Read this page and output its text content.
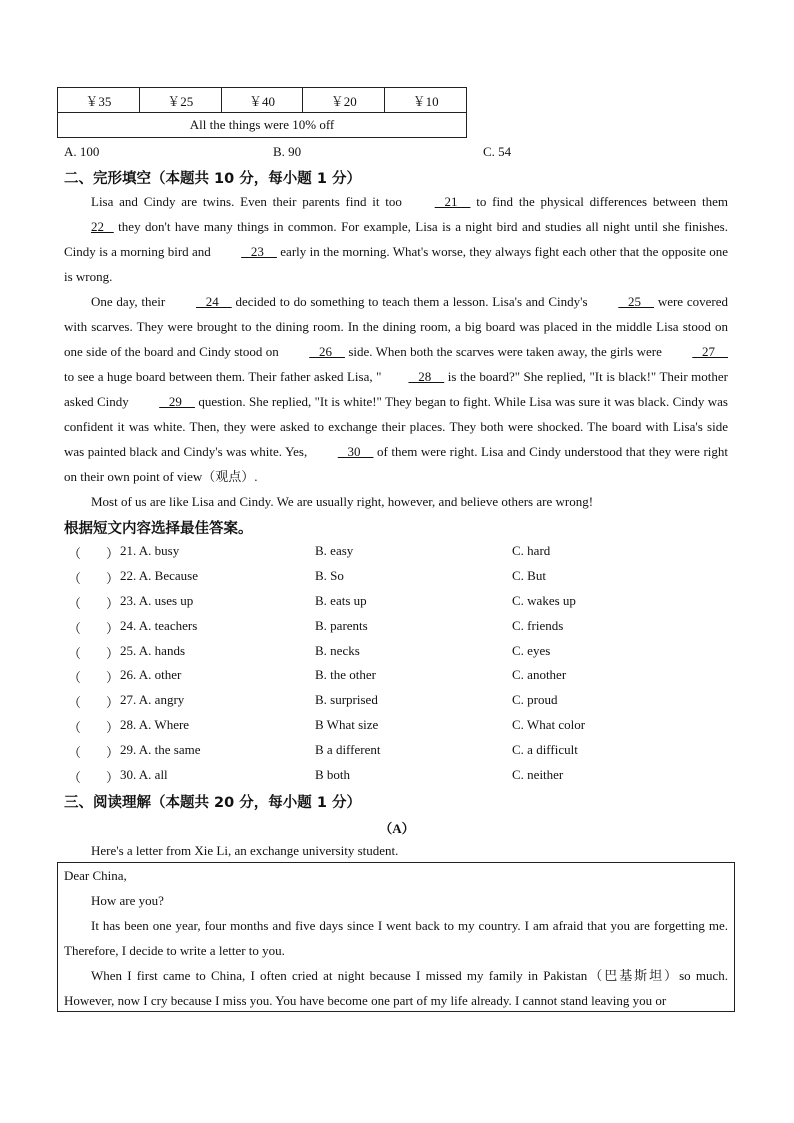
￥35	￥25	￥40	￥20	￥10
All the things were 10% off
A. 100	B. 90	C. 54
二、完形填空（本题共 10 分，每小题 1 分）

Lisa and Cindy are twins. Even their parents find it too    21     to find the physical differences between them 22    they don't have many things in common. For example, Lisa is a night bird and studies all night until she finishes. Cindy is a morning bird and    23     early in the morning. What's worse, they always fight each other that the opposite one is wrong.

One day, their    24     decided to do something to teach them a lesson. Lisa's and Cindy's    25     were covered with scarves. They were brought to the dining room. In the dining room, a big board was placed in the middle Lisa stood on one side of the board and Cindy stood on    26     side. When both the scarves were taken away, the girls were    27     to see a huge board between them. Their father asked Lisa, "   28     is the board?" She replied, "It is black!" Their mother asked Cindy    29     question. She replied, "It is white!" They began to fight. While Lisa was sure it was black. Cindy was confident it was white. Then, they were asked to exchange their places. They both were shocked. The board with Lisa's side was painted black and Cindy's was white. Yes,    30     of them were right. Lisa and Cindy understood that they were right on their own point of view（观点）.

Most of us are like Lisa and Cindy. We are usually right, however, and believe others are wrong!

根据短文内容选择最佳答案。
（ ） 21. A. busy	B. easy	C. hard
（ ） 22. A. Because	B. So	C. But
（ ） 23. A. uses up	B. eats up	C. wakes up
（ ） 24. A. teachers	B. parents	C. friends
（ ） 25. A. hands	B. necks	C. eyes
（ ） 26. A. other	B. the other	C. another
（ ） 27. A. angry	B. surprised	C. proud
（ ） 28. A. Where	B What size	C. What color
（ ） 29. A. the same	B a different	C. a difficult
（ ） 30. A. all	B both	C. neither
三、阅读理解（本题共 20 分，每小题 1 分）
（A）
Here's a letter from Xie Li, an exchange university student.

Dear China,

How are you?

It has been one year, four months and five days since I went back to my country. I am afraid that you are forgetting me. Therefore, I decide to write a letter to you.

When I first came to China, I often cried at night because I missed my family in Pakistan（巴基斯坦）so much. However, now I cry because I miss you. You have become one part of my life already. I cannot stand leaving you or
